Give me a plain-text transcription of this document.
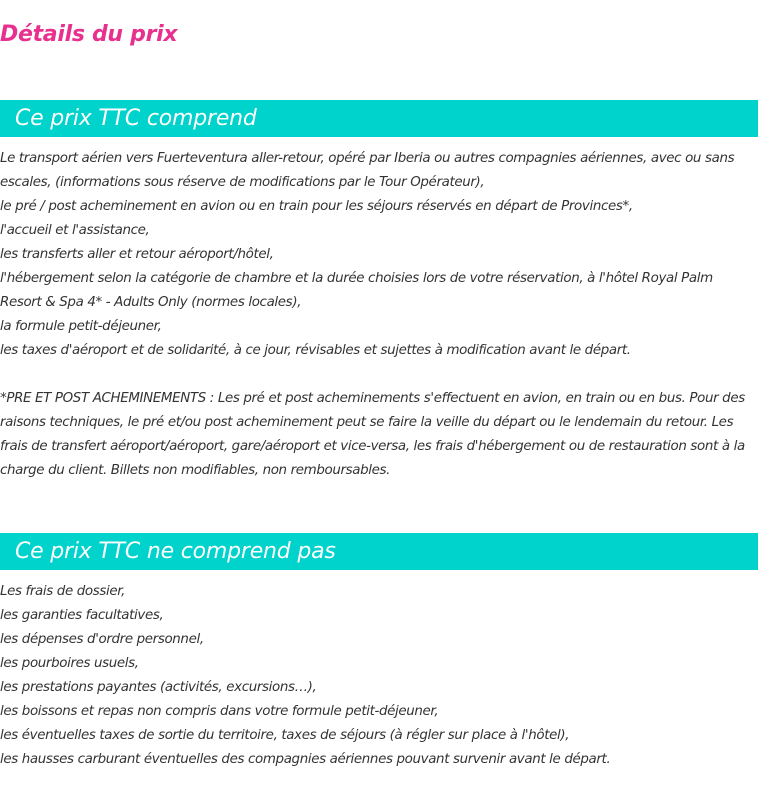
Détails du prix
Ce prix TTC comprend

Le transport aérien vers Fuerteventura aller-retour, opéré par Iberia ou autres compagnies aériennes, avec ou sans escales, (informations sous réserve de modifications par le Tour Opérateur),

le pré / post acheminement en avion ou en train pour les séjours réservés en départ de Provinces*,

l'accueil et l'assistance,

les transferts aller et retour aéroport/hôtel,

l'hébergement selon la catégorie de chambre et la durée choisies lors de votre réservation, à l'hôtel Royal Palm Resort & Spa 4* - Adults Only (normes locales),

la formule petit-déjeuner,

les taxes d'aéroport et de solidarité, à ce jour, révisables et sujettes à modification avant le départ.

*PRE ET POST ACHEMINEMENTS : Les pré et post acheminements s'effectuent en avion, en train ou en bus. Pour des raisons techniques, le pré et/ou post acheminement peut se faire la veille du départ ou le lendemain du retour. Les frais de transfert aéroport/aéroport, gare/aéroport et vice-versa, les frais d'hébergement ou de restauration sont à la charge du client. Billets non modifiables, non remboursables.

Ce prix TTC ne comprend pas

Les frais de dossier,

les garanties facultatives,

les dépenses d'ordre personnel,

les pourboires usuels,

les prestations payantes (activités, excursions…),

les boissons et repas non compris dans votre formule petit-déjeuner,

les éventuelles taxes de sortie du territoire, taxes de séjours (à régler sur place à l'hôtel),

les hausses carburant éventuelles des compagnies aériennes pouvant survenir avant le départ.
